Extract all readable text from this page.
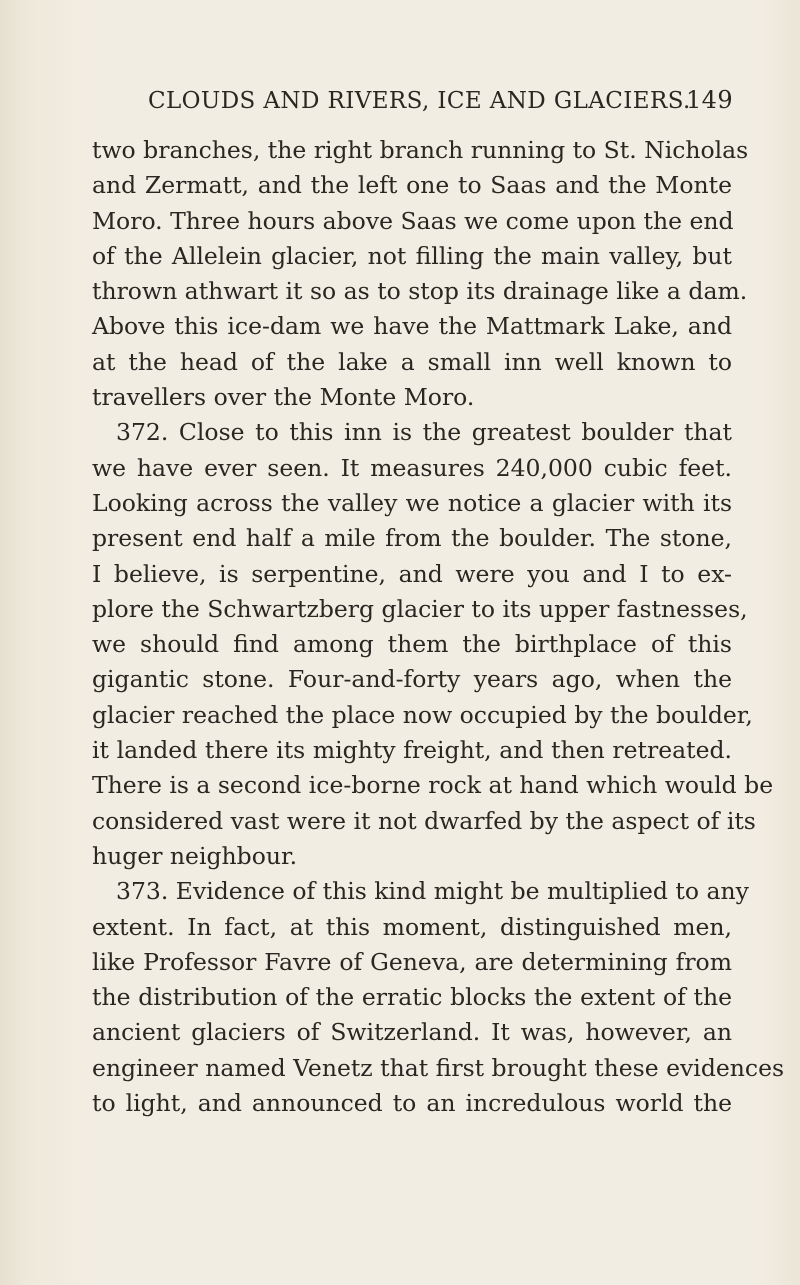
CLOUDS AND RIVERS, ICE AND GLACIERS.
149
two branches, the right branch running to St. Nicholas
and Zermatt, and the left one to Saas and the Monte
Moro. Three hours above Saas we come upon the end
of the Allelein glacier, not filling the main valley, but
thrown athwart it so as to stop its drainage like a dam.
Above this ice-dam we have the Mattmark Lake, and
at the head of the lake a small inn well known to
travellers over the Monte Moro.
372. Close to this inn is the greatest boulder that
we have ever seen. It measures 240,000 cubic feet.
Looking across the valley we notice a glacier with its
present end half a mile from the boulder. The stone,
I believe, is serpentine, and were you and I to ex-
plore the Schwartzberg glacier to its upper fastnesses,
we should find among them the birthplace of this
gigantic stone. Four-and-forty years ago, when the
glacier reached the place now occupied by the boulder,
it landed there its mighty freight, and then retreated.
There is a second ice-borne rock at hand which would be
considered vast were it not dwarfed by the aspect of its
huger neighbour.
373. Evidence of this kind might be multiplied to any
extent. In fact, at this moment, distinguished men,
like Professor Favre of Geneva, are determining from
the distribution of the erratic blocks the extent of the
ancient glaciers of Switzerland. It was, however, an
engineer named Venetz that first brought these evidences
to light, and announced to an incredulous world the
